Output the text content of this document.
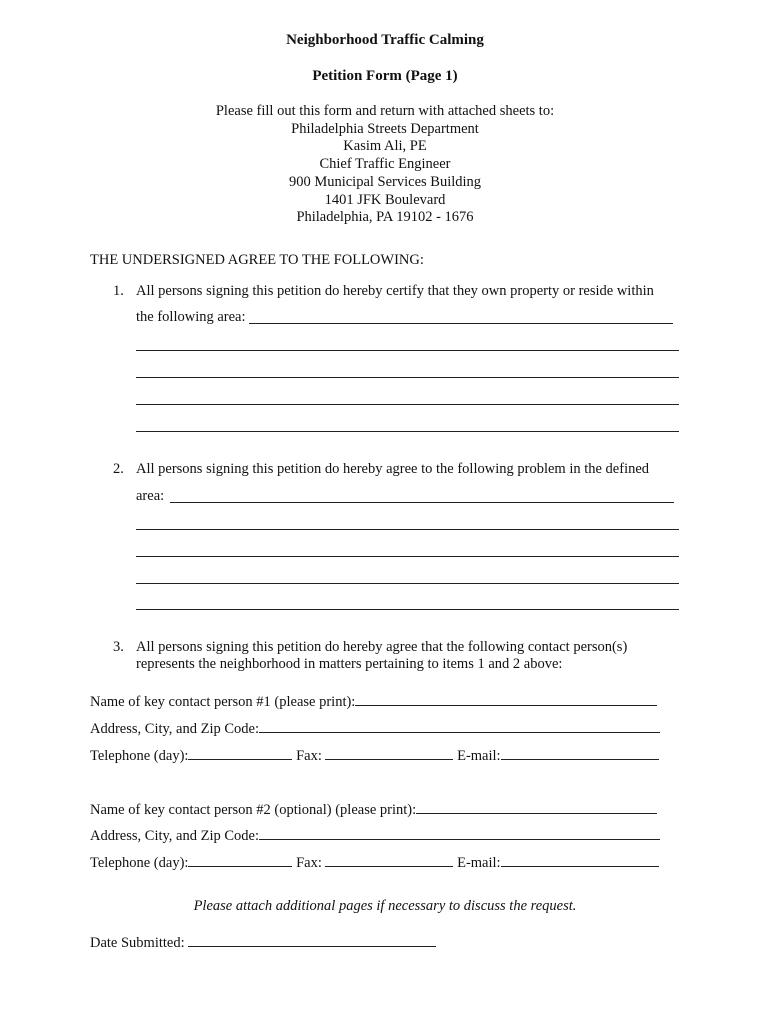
Neighborhood Traffic Calming
Petition Form (Page 1)
Please fill out this form and return with attached sheets to:
Philadelphia Streets Department
Kasim Ali, PE
Chief Traffic Engineer
900 Municipal Services Building
1401 JFK Boulevard
Philadelphia, PA 19102 - 1676
THE UNDERSIGNED AGREE TO THE FOLLOWING:
1. All persons signing this petition do hereby certify that they own property or reside within
the following area:
2. All persons signing this petition do hereby agree to the following problem in the defined
area:
3. All persons signing this petition do hereby agree that the following contact person(s)
represents the neighborhood in matters pertaining to items 1 and 2 above:
Name of key contact person #1 (please print):
Address, City, and Zip Code:
Telephone (day):	Fax:	E-mail:
Name of key contact person #2 (optional) (please print):
Address, City, and Zip Code:
Telephone (day):	Fax:	E-mail:
Please attach additional pages if necessary to discuss the request.
Date Submitted:
